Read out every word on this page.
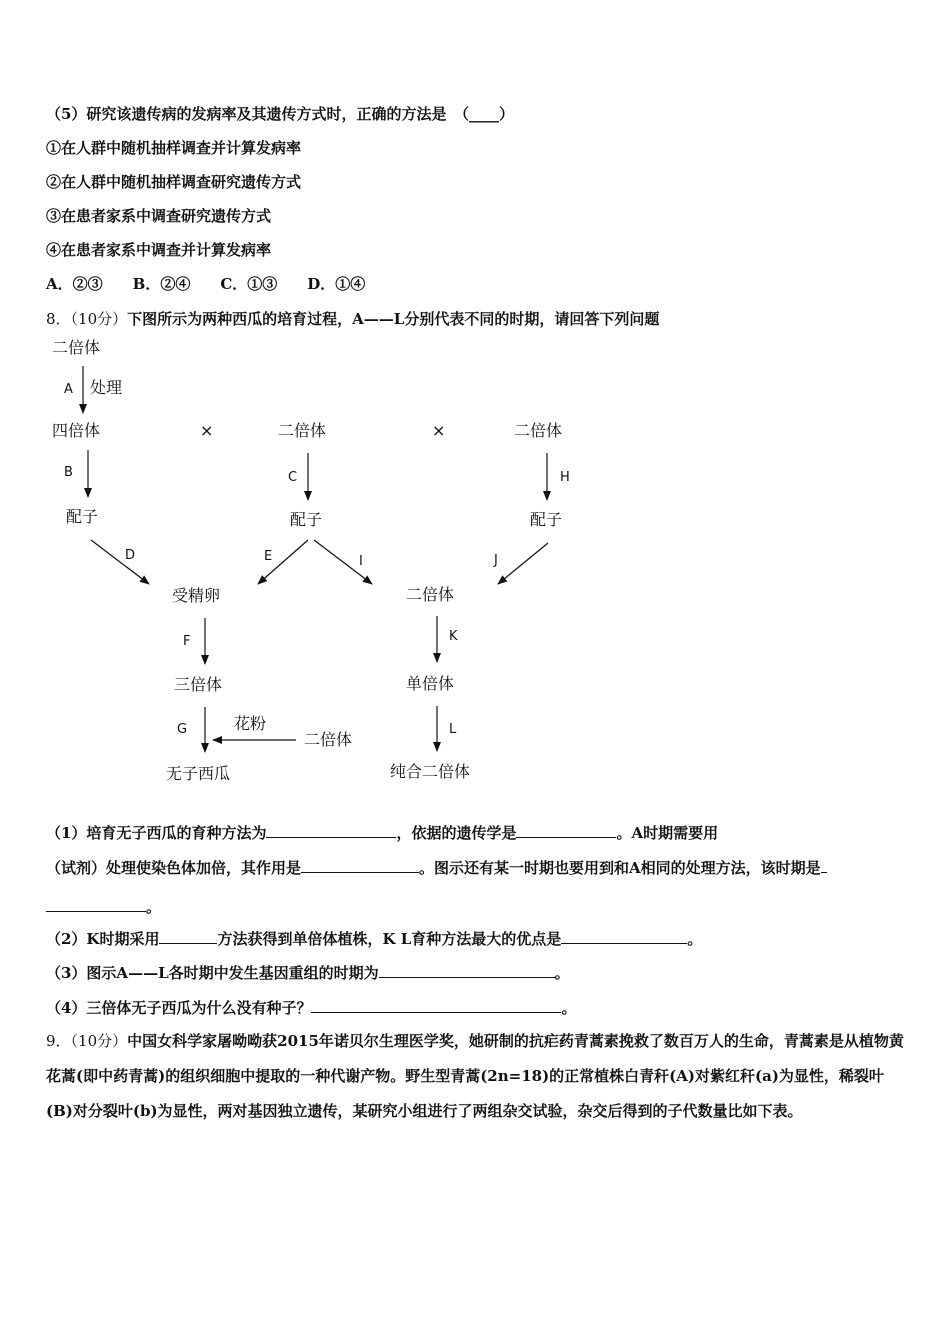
（5）研究该遗传病的发病率及其遗传方式时，正确的方法是　（____）
①在人群中随机抽样调查并计算发病率
②在人群中随机抽样调查研究遗传方式
③在患者家系中调查研究遗传方式
④在患者家系中调查并计算发病率
A．②③　　B．②④　　C．①③　　D．①④
8．（10分）下图所示为两种西瓜的培育过程，A——L分别代表不同的时期，请回答下列问题
二倍体
处理
四倍体	×	二倍体	×	二倍体
配子	配子	配子
受精卵	二倍体
三倍体	单倍体
花粉
二倍体
无子西瓜	纯合二倍体
A
B	C
D	E
F
G
H
I	J
K
L
（1）培育无子西瓜的育种方法为	，依据的遗传学是	。A时期需要用
（试剂）处理使染色体加倍，其作用是	。图示还有某一时期也要用到和A相同的处理方法，该时期是
。
（2）K时期采用	方法获得到单倍体植株，K L育种方法最大的优点是	。
（3）图示A——L各时期中发生基因重组的时期为	。
（4）三倍体无子西瓜为什么没有种子？	。
9．（10分）中国女科学家屠呦呦获2015年诺贝尔生理医学奖，她研制的抗疟药青蒿素挽救了数百万人的生命，青蒿素是从植物黄花蒿(即中药青蒿)的组织细胞中提取的一种代谢产物。野生型青蒿(2n=18)的正常植株白青秆(A)对紫红秆(a)为显性，稀裂叶(B)对分裂叶(b)为显性，两对基因独立遗传，某研究小组进行了两组杂交试验，杂交后得到的子代数量比如下表。
